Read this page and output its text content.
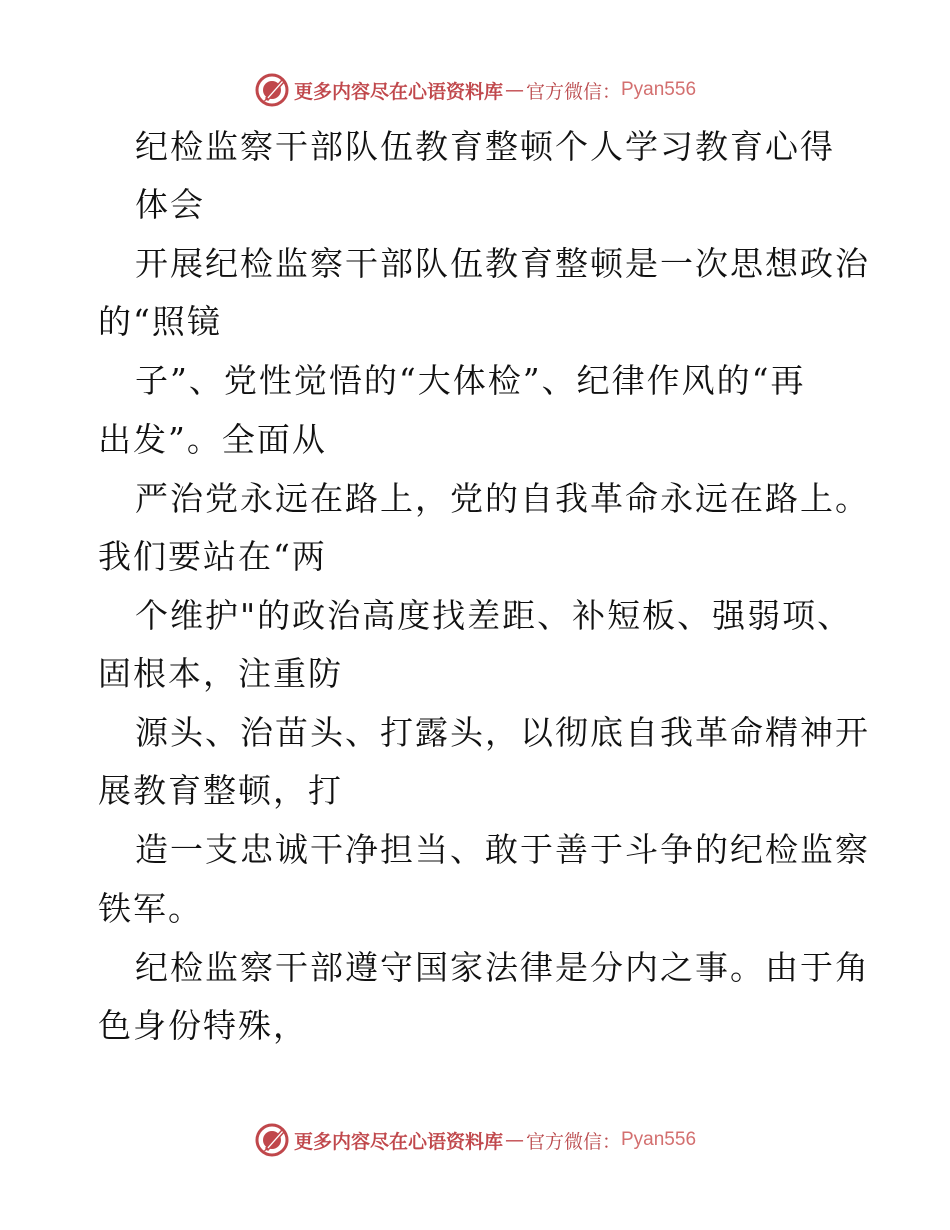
更多内容尽在心语资料库 — 官方微信： Pyan556
纪检监察干部队伍教育整顿个人学习教育心得
体会
开展纪检监察干部队伍教育整顿是一次思想政治
的“照镜
子”、党性觉悟的“大体检”、纪律作风的“再
出发”。全面从
严治党永远在路上，党的自我革命永远在路上。
我们要站在“两
个维护"的政治高度找差距、补短板、强弱项、
固根本，注重防
源头、治苗头、打露头，以彻底自我革命精神开
展教育整顿，打
造一支忠诚干净担当、敢于善于斗争的纪检监察
铁军。
纪检监察干部遵守国家法律是分内之事。由于角
色身份特殊，
更多内容尽在心语资料库 — 官方微信： Pyan556
